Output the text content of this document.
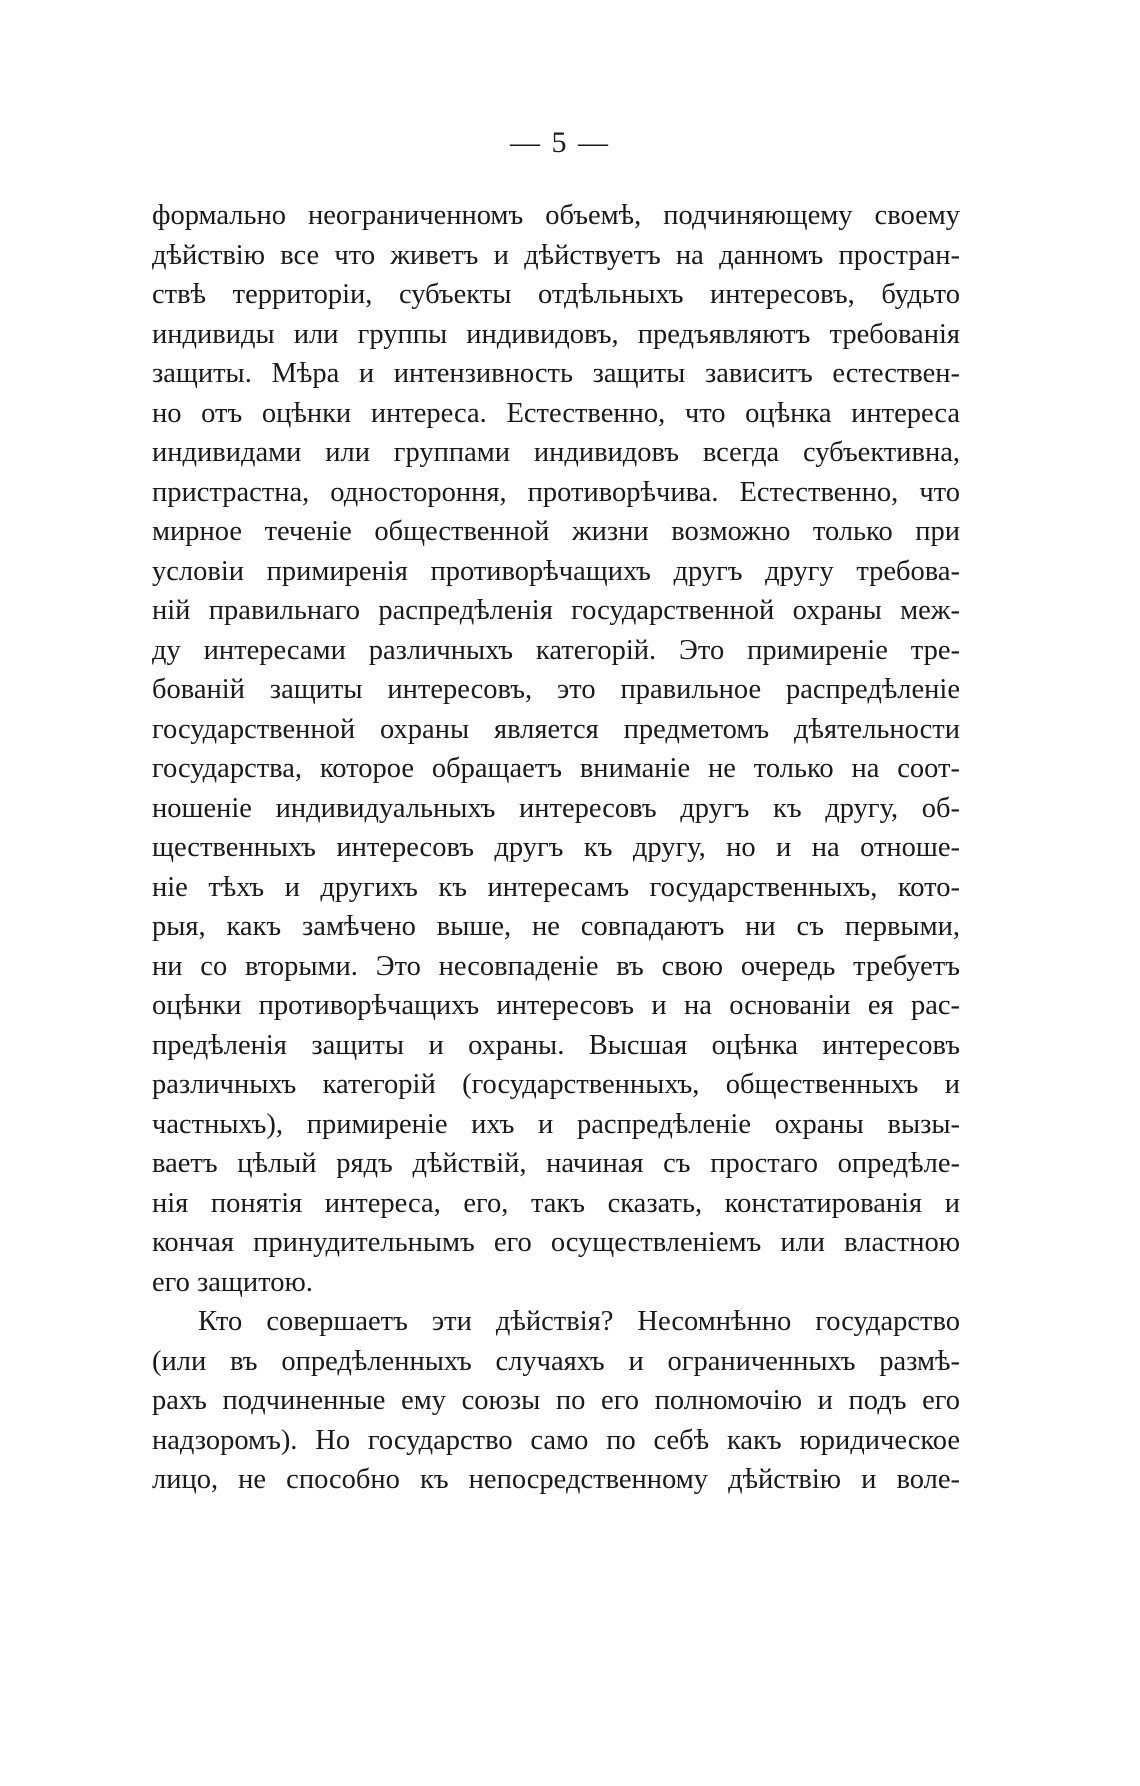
— 5 —
формально неограниченномъ объемѣ, подчиняющему своему
дѣйствію все что живетъ и дѣйствуетъ на данномъ простран-
ствѣ территоріи, субъекты отдѣльныхъ интересовъ, будьто
индивиды или группы индивидовъ, предъявляютъ требованія
защиты. Мѣра и интензивность защиты зависитъ естествен-
но отъ оцѣнки интереса. Естественно, что оцѣнка интереса
индивидами или группами индивидовъ всегда субъективна,
пристрастна, одностороння, противорѣчива. Естественно, что
мирное теченіе общественной жизни возможно только при
условіи примиренія противорѣчащихъ другъ другу требова-
ній правильнаго распредѣленія государственной охраны меж-
ду интересами различныхъ категорій. Это примиреніе тре-
бованій защиты интересовъ, это правильное распредѣленіе
государственной охраны является предметомъ дѣятельности
государства, которое обращаетъ вниманіе не только на соот-
ношеніе индивидуальныхъ интересовъ другъ къ другу, об-
щественныхъ интересовъ другъ къ другу, но и на отноше-
ніе тѣхъ и другихъ къ интересамъ государственныхъ, кото-
рыя, какъ замѣчено выше, не совпадаютъ ни съ первыми,
ни со вторыми. Это несовпаденіе въ свою очередь требуетъ
оцѣнки противорѣчащихъ интересовъ и на основаніи ея рас-
предѣленія защиты и охраны. Высшая оцѣнка интересовъ
различныхъ категорій (государственныхъ, общественныхъ и
частныхъ), примиреніе ихъ и распредѣленіе охраны вызы-
ваетъ цѣлый рядъ дѣйствій, начиная съ простаго опредѣле-
нія понятія интереса, его, такъ сказать, констатированія и
кончая принудительнымъ его осуществленіемъ или властною
его защитою.
Кто совершаетъ эти дѣйствія? Несомнѣнно государство
(или въ опредѣленныхъ случаяхъ и ограниченныхъ размѣ-
рахъ подчиненные ему союзы по его полномочію и подъ его
надзоромъ). Но государство само по себѣ какъ юридическое
лицо, не способно къ непосредственному дѣйствію и воле-
